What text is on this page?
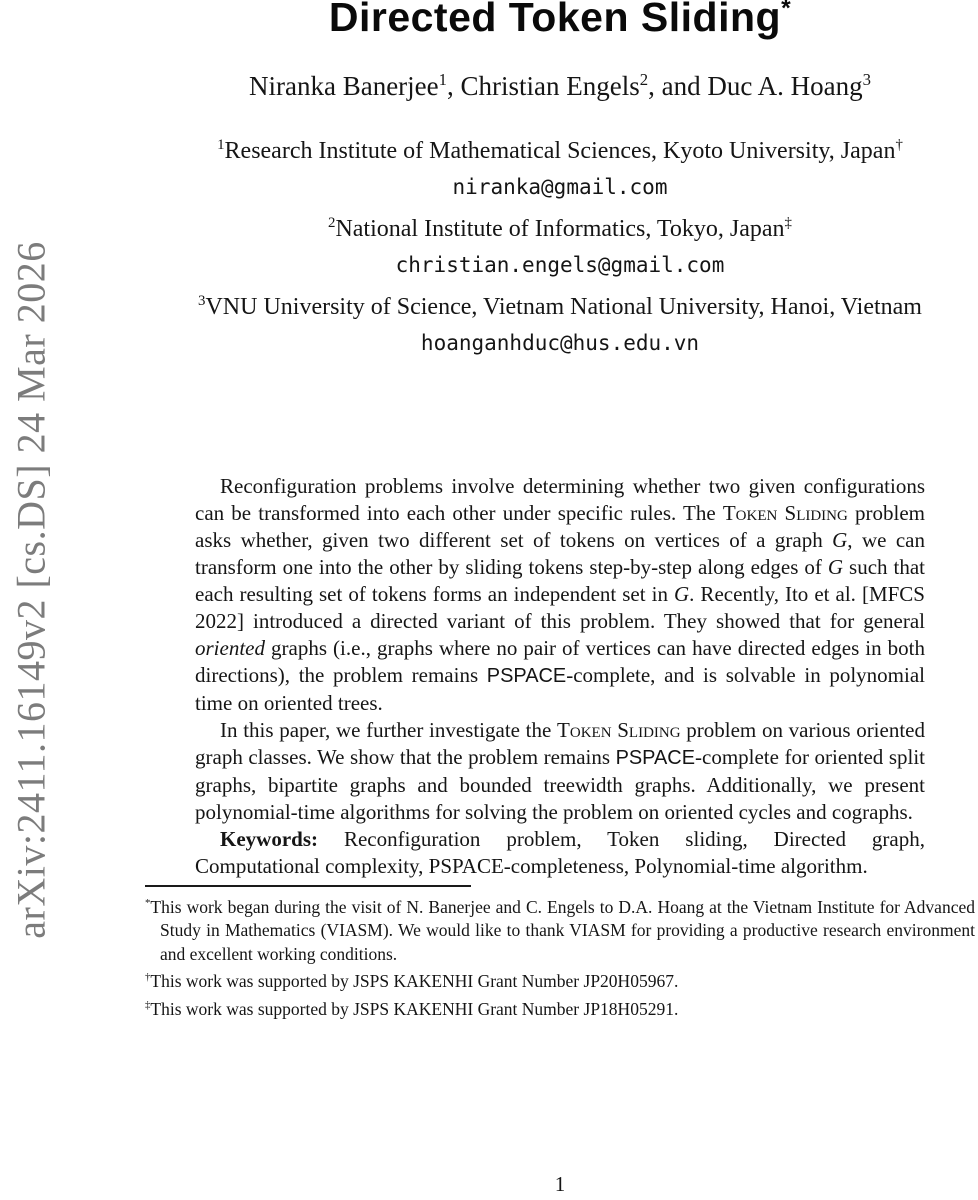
arXiv:2411.16149v2 [cs.DS] 24 Mar 2026
Directed Token Sliding*
Niranka Banerjee$^1$, Christian Engels$^2$, and Duc A. Hoang$^3$
$^1$Research Institute of Mathematical Sciences, Kyoto University, Japan†
niranka@gmail.com
$^2$National Institute of Informatics, Tokyo, Japan‡
christian.engels@gmail.com
$^3$VNU University of Science, Vietnam National University, Hanoi, Vietnam
hoanganhduc@hus.edu.vn

Reconfiguration problems involve determining whether two given configurations can be transformed into each other under specific rules. The Token Sliding problem asks whether, given two different set of tokens on vertices of a graph G, we can transform one into the other by sliding tokens step-by-step along edges of G such that each resulting set of tokens forms an independent set in G. Recently, Ito et al. [MFCS 2022] introduced a directed variant of this problem. They showed that for general oriented graphs (i.e., graphs where no pair of vertices can have directed edges in both directions), the problem remains PSPACE-complete, and is solvable in polynomial time on oriented trees.

In this paper, we further investigate the Token Sliding problem on various oriented graph classes. We show that the problem remains PSPACE-complete for oriented split graphs, bipartite graphs and bounded treewidth graphs. Additionally, we present polynomial-time algorithms for solving the problem on oriented cycles and cographs.

Keywords: Reconfiguration problem, Token sliding, Directed graph, Computational complexity, PSPACE-completeness, Polynomial-time algorithm.

*This work began during the visit of N. Banerjee and C. Engels to D.A. Hoang at the Vietnam Institute for Advanced Study in Mathematics (VIASM). We would like to thank VIASM for providing a productive research environment and excellent working conditions.

†This work was supported by JSPS KAKENHI Grant Number JP20H05967.

‡This work was supported by JSPS KAKENHI Grant Number JP18H05291.

1
